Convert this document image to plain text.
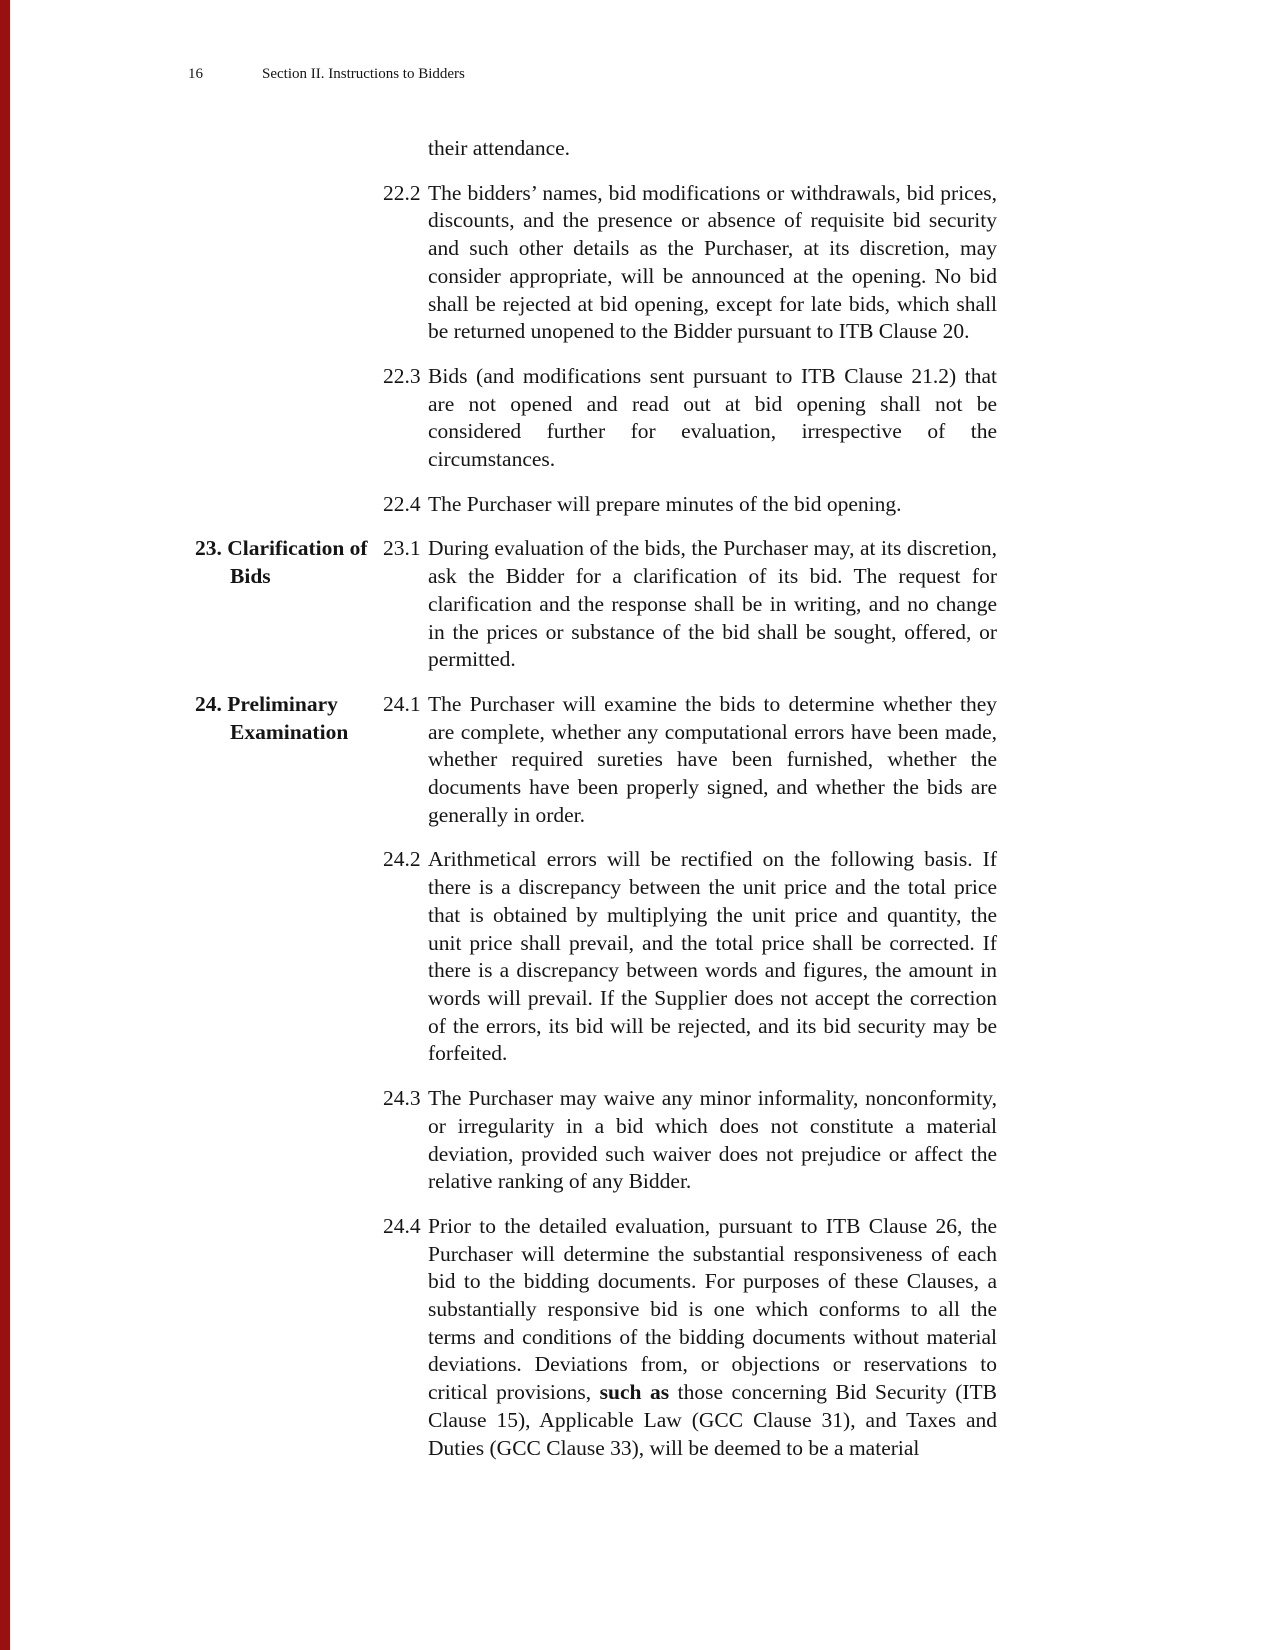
16	Section II. Instructions to Bidders
their attendance.
22.2 The bidders’ names, bid modifications or withdrawals, bid prices, discounts, and the presence or absence of requisite bid security and such other details as the Purchaser, at its discretion, may consider appropriate, will be announced at the opening. No bid shall be rejected at bid opening, except for late bids, which shall be returned unopened to the Bidder pursuant to ITB Clause 20.
22.3 Bids (and modifications sent pursuant to ITB Clause 21.2) that are not opened and read out at bid opening shall not be considered further for evaluation, irrespective of the circumstances.
22.4 The Purchaser will prepare minutes of the bid opening.
23. Clarification of Bids
23.1 During evaluation of the bids, the Purchaser may, at its discretion, ask the Bidder for a clarification of its bid. The request for clarification and the response shall be in writing, and no change in the prices or substance of the bid shall be sought, offered, or permitted.
24. Preliminary Examination
24.1 The Purchaser will examine the bids to determine whether they are complete, whether any computational errors have been made, whether required sureties have been furnished, whether the documents have been properly signed, and whether the bids are generally in order.
24.2 Arithmetical errors will be rectified on the following basis. If there is a discrepancy between the unit price and the total price that is obtained by multiplying the unit price and quantity, the unit price shall prevail, and the total price shall be corrected. If there is a discrepancy between words and figures, the amount in words will prevail. If the Supplier does not accept the correction of the errors, its bid will be rejected, and its bid security may be forfeited.
24.3 The Purchaser may waive any minor informality, nonconformity, or irregularity in a bid which does not constitute a material deviation, provided such waiver does not prejudice or affect the relative ranking of any Bidder.
24.4 Prior to the detailed evaluation, pursuant to ITB Clause 26, the Purchaser will determine the substantial responsiveness of each bid to the bidding documents. For purposes of these Clauses, a substantially responsive bid is one which conforms to all the terms and conditions of the bidding documents without material deviations. Deviations from, or objections or reservations to critical provisions, such as those concerning Bid Security (ITB Clause 15), Applicable Law (GCC Clause 31), and Taxes and Duties (GCC Clause 33), will be deemed to be a material
